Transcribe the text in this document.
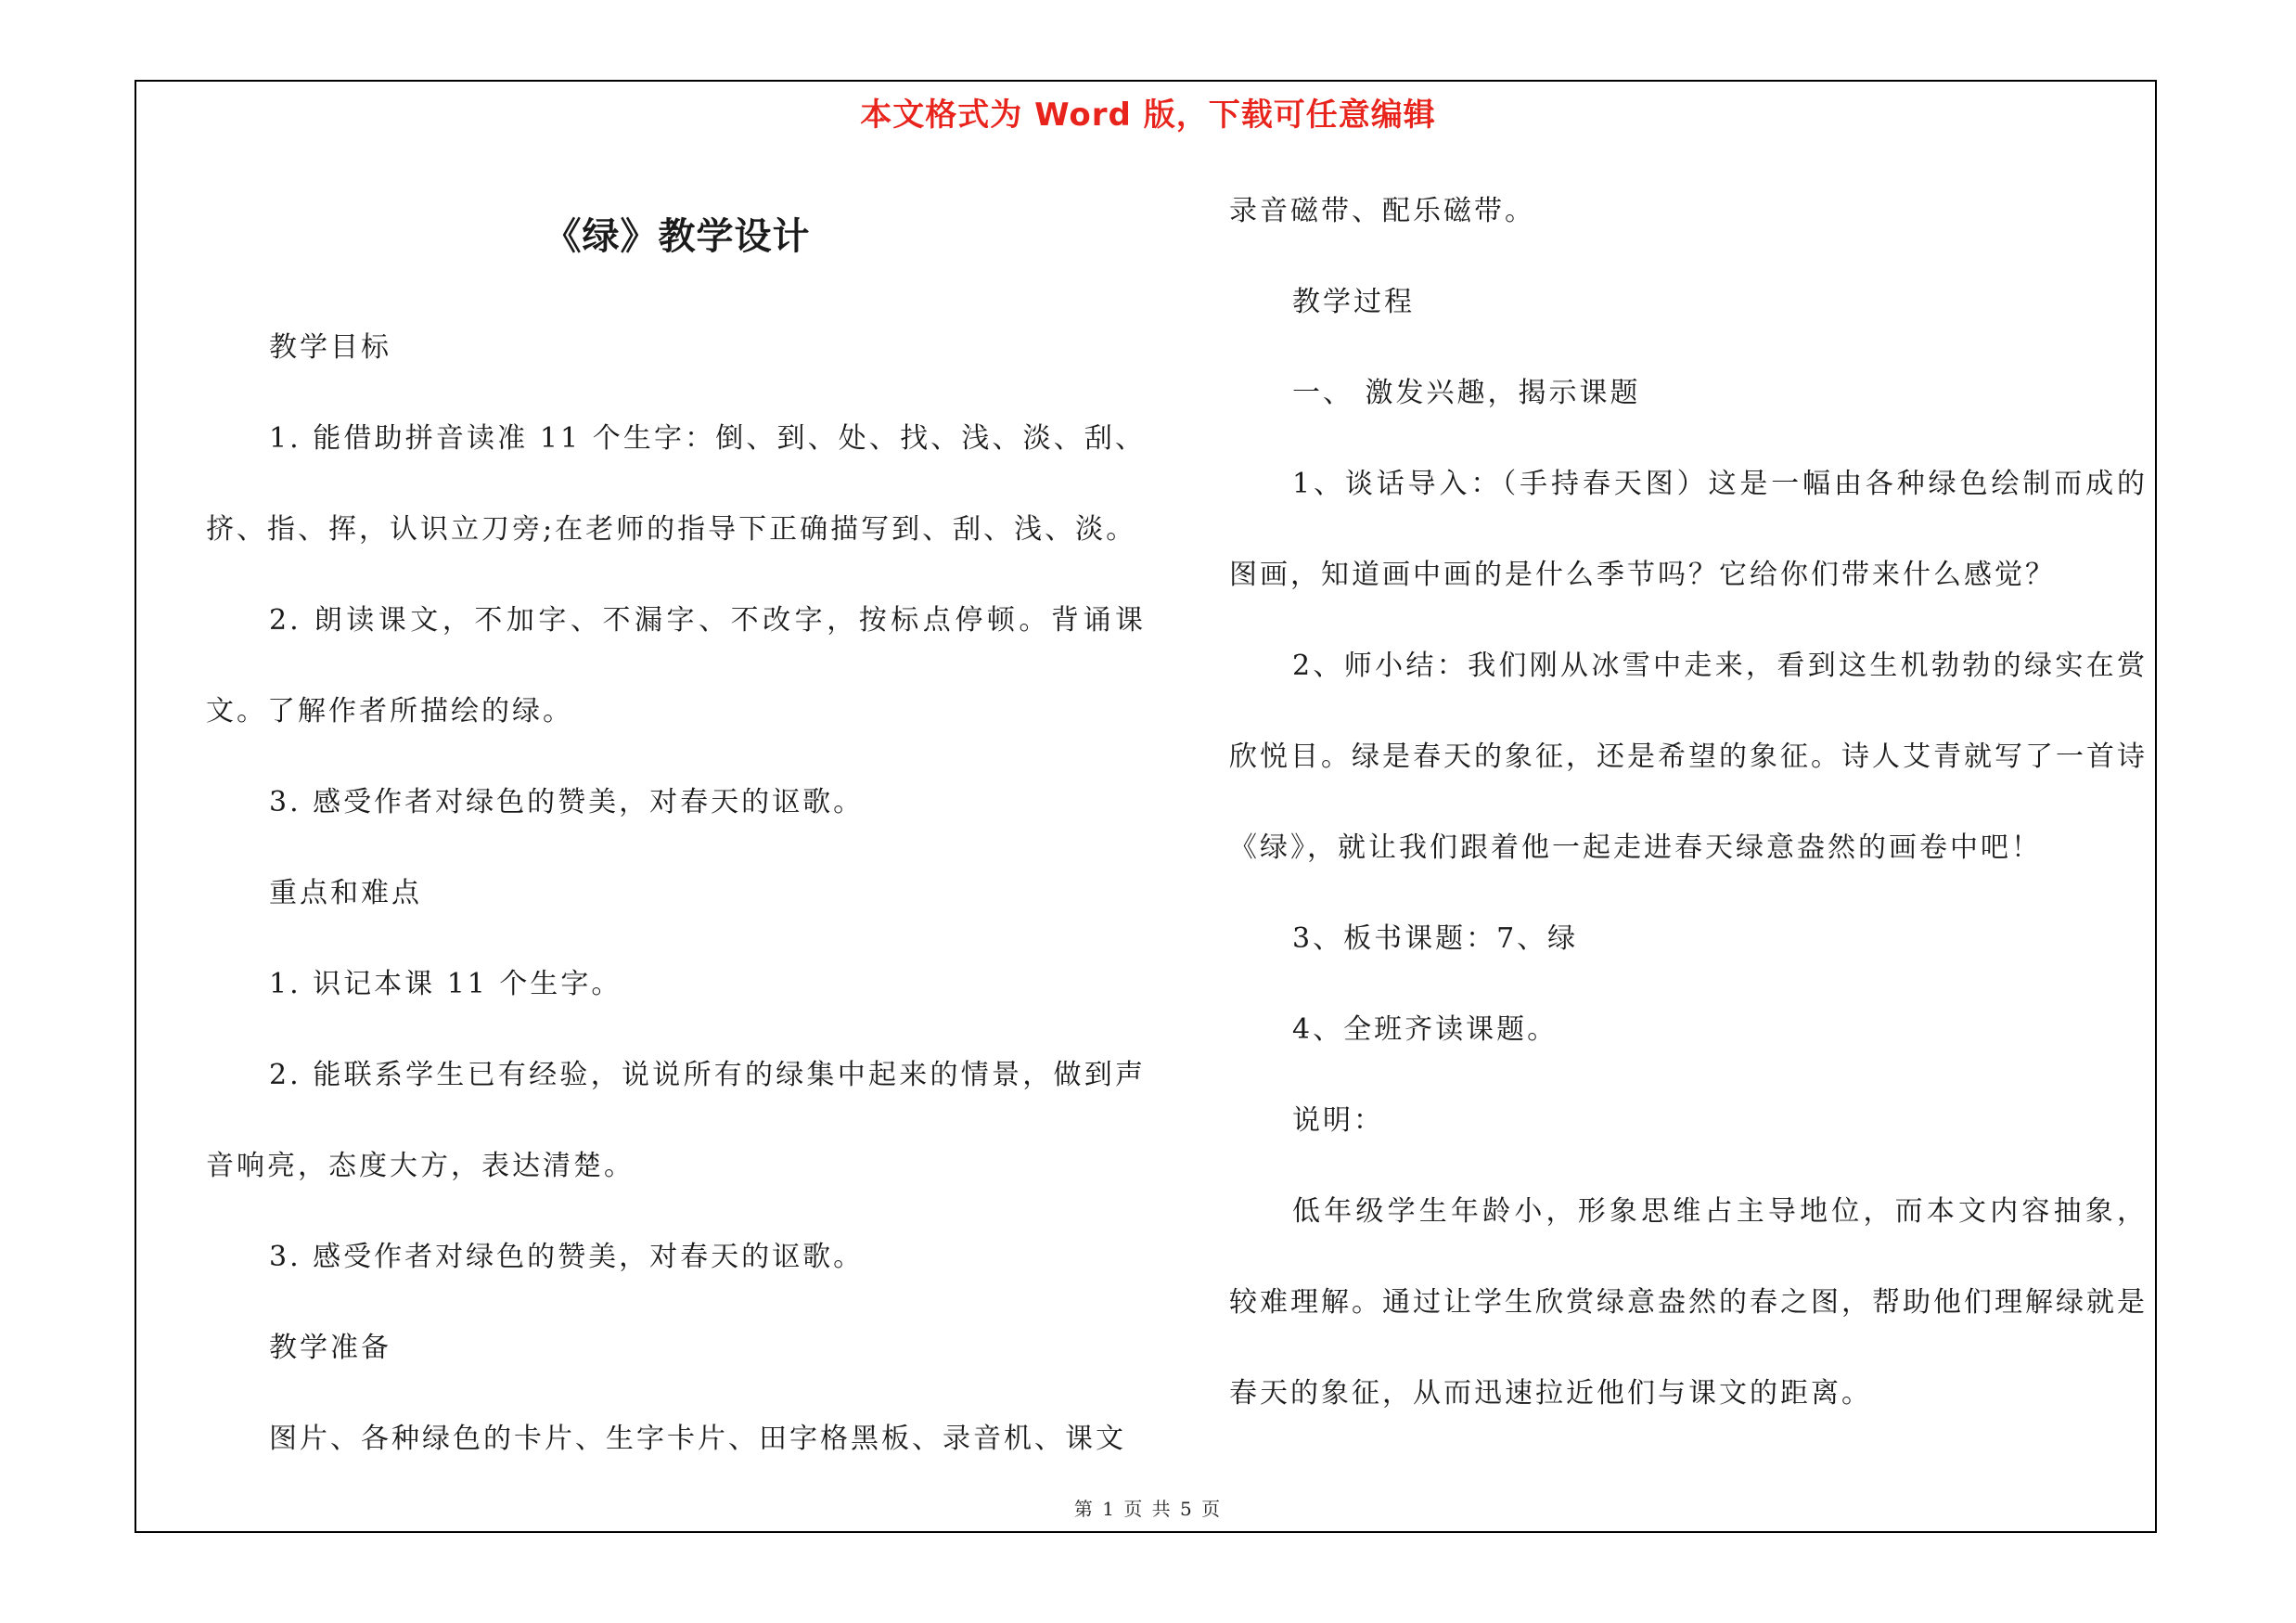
本文格式为 Word 版，下载可任意编辑
《绿》教学设计

教学目标

1. 能借助拼音读准 11 个生字：倒、到、处、找、浅、淡、刮、挤、指、挥，认识立刀旁;在老师的指导下正确描写到、刮、浅、淡。

2. 朗读课文，不加字、不漏字、不改字，按标点停顿。背诵课文。了解作者所描绘的绿。

3. 感受作者对绿色的赞美，对春天的讴歌。

重点和难点

1. 识记本课 11 个生字。

2. 能联系学生已有经验，说说所有的绿集中起来的情景，做到声音响亮，态度大方，表达清楚。

3. 感受作者对绿色的赞美，对春天的讴歌。

教学准备

图片、各种绿色的卡片、生字卡片、田字格黑板、录音机、课文

录音磁带、配乐磁带。

教学过程

一、 激发兴趣，揭示课题

1、谈话导入：（手持春天图）这是一幅由各种绿色绘制而成的图画，知道画中画的是什么季节吗？它给你们带来什么感觉？

2、师小结：我们刚从冰雪中走来，看到这生机勃勃的绿实在赏欣悦目。绿是春天的象征，还是希望的象征。诗人艾青就写了一首诗《绿》，就让我们跟着他一起走进春天绿意盎然的画卷中吧！

3、板书课题：7、绿

4、全班齐读课题。

说明：

低年级学生年龄小，形象思维占主导地位，而本文内容抽象，较难理解。通过让学生欣赏绿意盎然的春之图，帮助他们理解绿就是春天的象征，从而迅速拉近他们与课文的距离。

第 1 页 共 5 页
